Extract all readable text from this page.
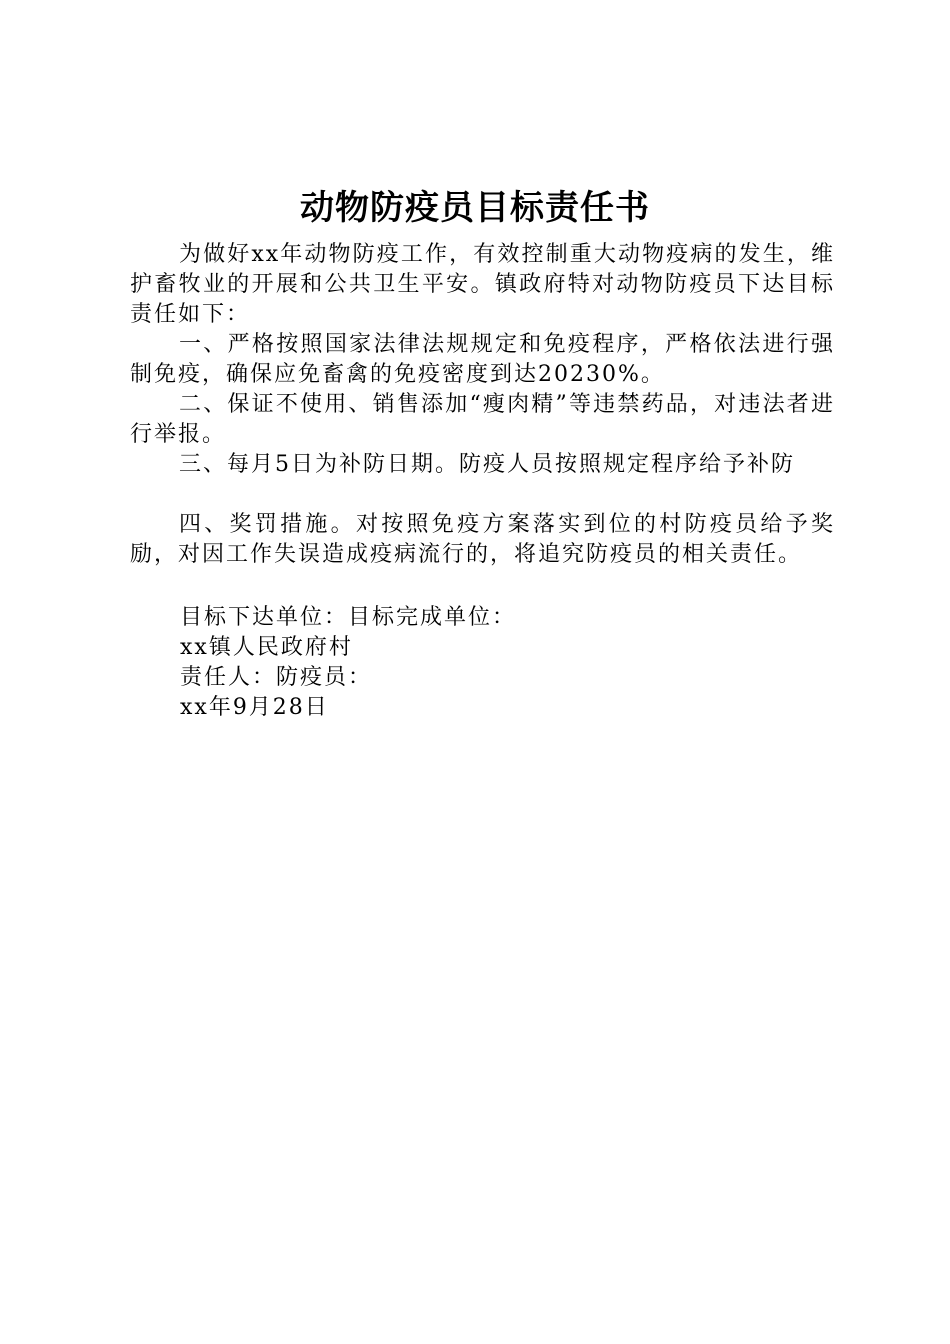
动物防疫员目标责任书

为做好xx年动物防疫工作，有效控制重大动物疫病的发生，维护畜牧业的开展和公共卫生平安。镇政府特对动物防疫员下达目标责任如下：

一、严格按照国家法律法规规定和免疫程序，严格依法进行强制免疫，确保应免畜禽的免疫密度到达20230%。

二、保证不使用、销售添加“瘦肉精”等违禁药品，对违法者进行举报。

三、每月5日为补防日期。防疫人员按照规定程序给予补防

四、奖罚措施。对按照免疫方案落实到位的村防疫员给予奖励，对因工作失误造成疫病流行的，将追究防疫员的相关责任。

目标下达单位：目标完成单位：

xx镇人民政府村

责任人：防疫员：

xx年9月28日
